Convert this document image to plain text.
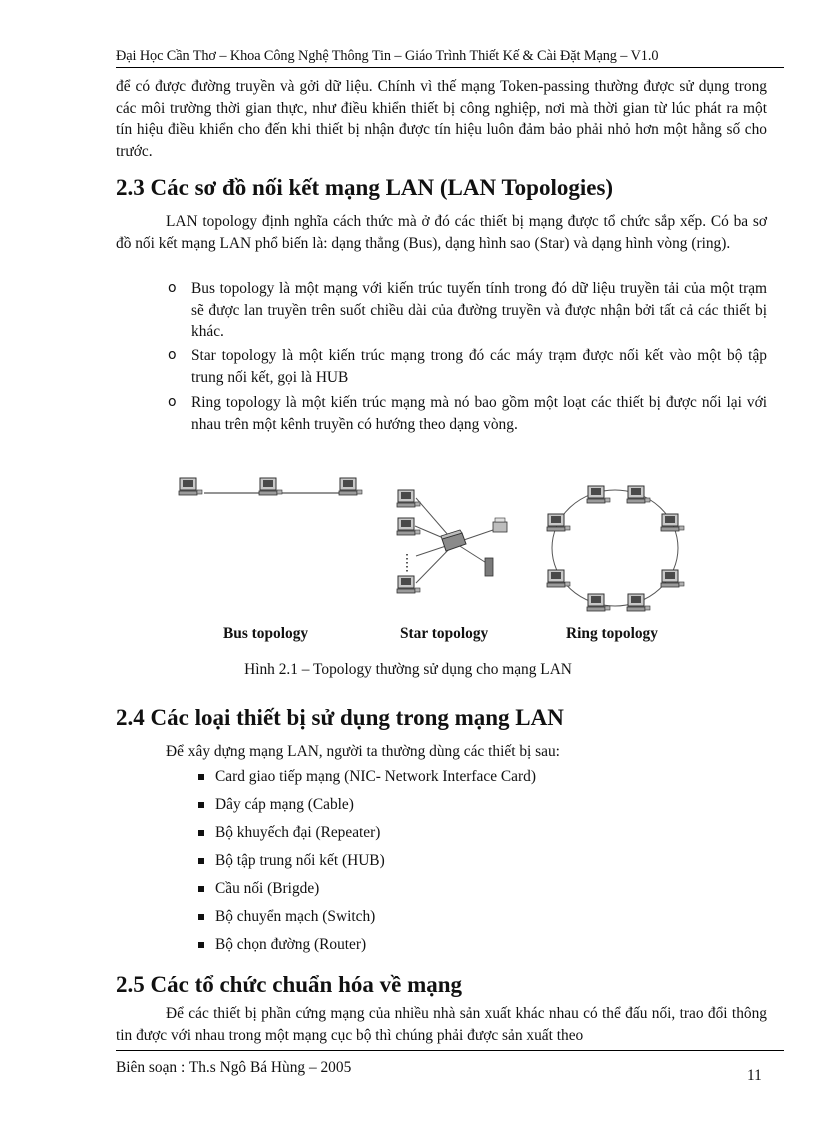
Đại Học Cần Thơ – Khoa Công Nghệ Thông Tin – Giáo Trình Thiết Kế & Cài Đặt Mạng – V1.0

để có được đường truyền và gởi dữ liệu. Chính vì thế mạng Token-passing thường được sử dụng trong các môi trường thời gian thực, như điều khiển thiết bị công nghiệp, nơi mà thời gian từ lúc phát ra một tín hiệu điều khiển cho đến khi thiết bị nhận được tín hiệu luôn đảm bảo phải nhỏ hơn một hằng số cho trước.

2.3 Các sơ đồ nối kết mạng LAN (LAN Topologies)

LAN topology định nghĩa cách thức mà ở đó các thiết bị mạng được tổ chức sắp xếp. Có ba sơ đồ nối kết mạng LAN phổ biến là: dạng thẳng (Bus), dạng hình sao (Star) và dạng hình vòng (ring).

o Bus topology là một mạng với kiến trúc tuyến tính trong đó dữ liệu truyền tải của một trạm sẽ được lan truyền trên suốt chiều dài của đường truyền và được nhận bởi tất cả các thiết bị khác.
o Star topology là một kiến trúc mạng trong đó các máy trạm được nối kết vào một bộ tập trung nối kết, gọi là HUB
o Ring topology là một kiến trúc mạng mà nó bao gồm một loạt các thiết bị được nối lại với nhau trên một kênh truyền có hướng theo dạng vòng.
Bus topology	Star topology	Ring topology
Hình 2.1 – Topology thường sử dụng cho mạng LAN
2.4 Các loại thiết bị sử dụng trong mạng LAN
Để xây dựng mạng LAN, người ta thường dùng các thiết bị sau:
Card giao tiếp mạng (NIC- Network Interface Card)
Dây cáp mạng (Cable)
Bộ khuyếch đại (Repeater)
Bộ tập trung nối kết (HUB)
Cầu nối (Brigde)
Bộ chuyển mạch (Switch)
Bộ chọn đường (Router)
2.5 Các tổ chức chuẩn hóa về mạng

Để các thiết bị phần cứng mạng của nhiều nhà sản xuất khác nhau có thể đấu nối, trao đổi thông tin được với nhau trong một mạng cục bộ thì chúng phải được sản xuất theo

Biên soạn : Th.s Ngô Bá Hùng – 2005	11
